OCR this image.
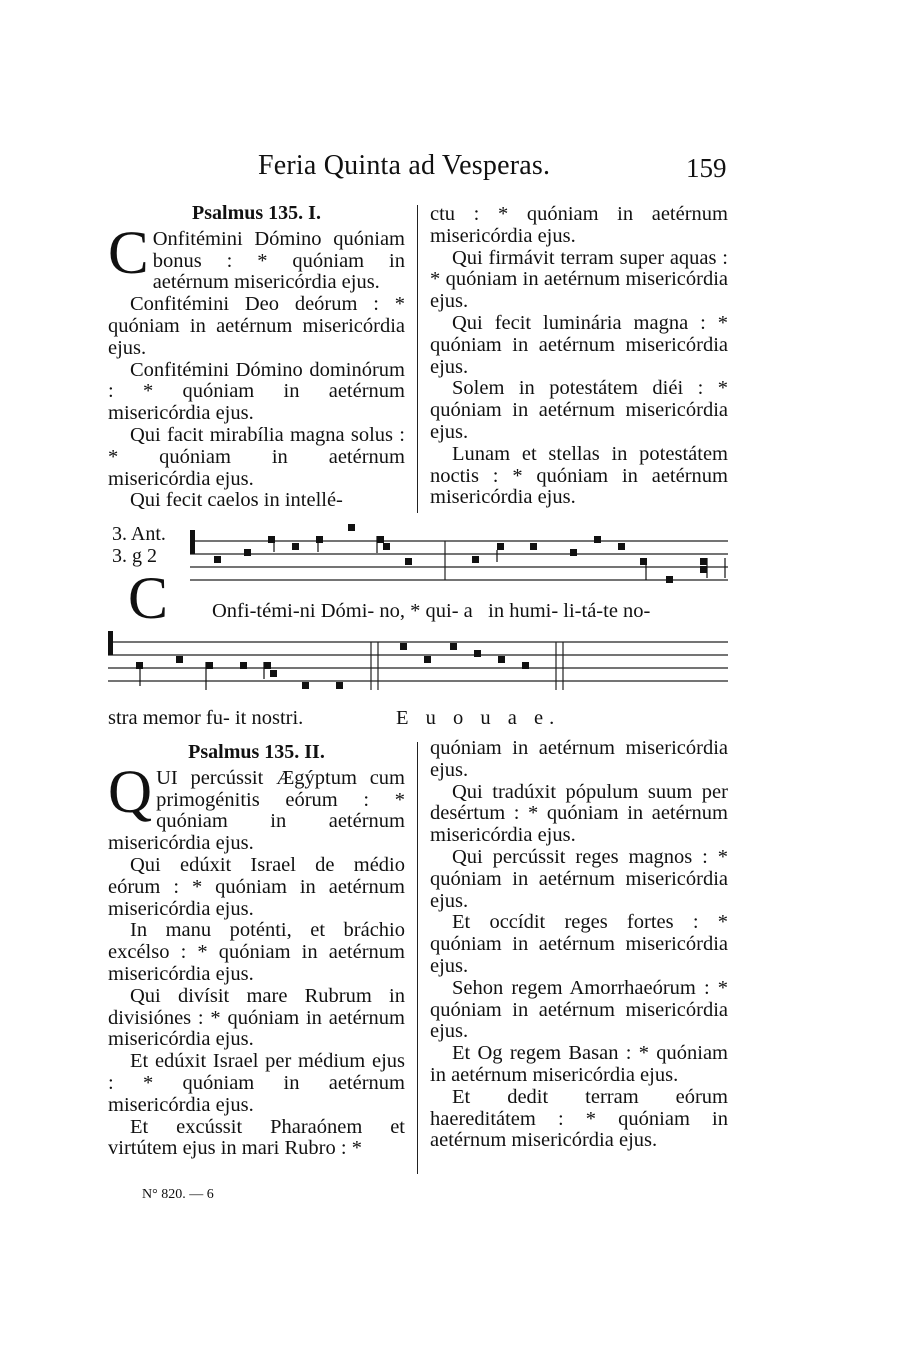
Feria Quinta ad Vesperas.	159
Psalmus 135. I.

C Onfitémini Dómino quóniam bonus : * quóniam in aetérnum misericórdia ejus.

Confitémini Deo deórum : * quóniam in aetérnum misericórdia ejus.

Confitémini Dómino dominórum : * quóniam in aetérnum misericórdia ejus.

Qui facit mirabília magna solus : * quóniam in aetérnum misericórdia ejus.

Qui fecit caelos in intellé-

ctu : * quóniam in aetérnum misericórdia ejus.

Qui firmávit terram super aquas : * quóniam in aetérnum misericórdia ejus.

Qui fecit luminária magna : * quóniam in aetérnum misericórdia ejus.

Solem in potestátem diéi : * quóniam in aetérnum misericórdia ejus.

Lunam et stellas in potestátem noctis : * quóniam in aetérnum misericórdia ejus.

3. Ant.
3. g 2
C Onfi-témi-ni Dómi- no, * qui- a   in humi- li-tá-te no-
stra memor fu- it nostri.	E u o u a e.
Psalmus 135. II.

QUI percússit Ægýptum cum primogénitis eórum : * quóniam in aetérnum misericórdia ejus.

Qui edúxit Israel de médio eórum : * quóniam in aetérnum misericórdia ejus.

In manu poténti, et bráchio excélso : * quóniam in aetérnum misericórdia ejus.

Qui divísit mare Rubrum in divisiónes : * quóniam in aetérnum misericórdia ejus.

Et edúxit Israel per médium ejus : * quóniam in aetérnum misericórdia ejus.

Et excússit Pharaónem et virtútem ejus in mari Rubro : *

quóniam in aetérnum misericórdia ejus.

Qui tradúxit pópulum suum per desértum : * quóniam in aetérnum misericórdia ejus.

Qui percússit reges magnos : * quóniam in aetérnum misericórdia ejus.

Et occídit reges fortes : * quóniam in aetérnum misericórdia ejus.

Sehon regem Amorrhaeórum : * quóniam in aetérnum misericórdia ejus.

Et Og regem Basan : * quóniam in aetérnum misericórdia ejus.

Et dedit terram eórum haereditátem : * quóniam in aetérnum misericórdia ejus.

N° 820. — 6
